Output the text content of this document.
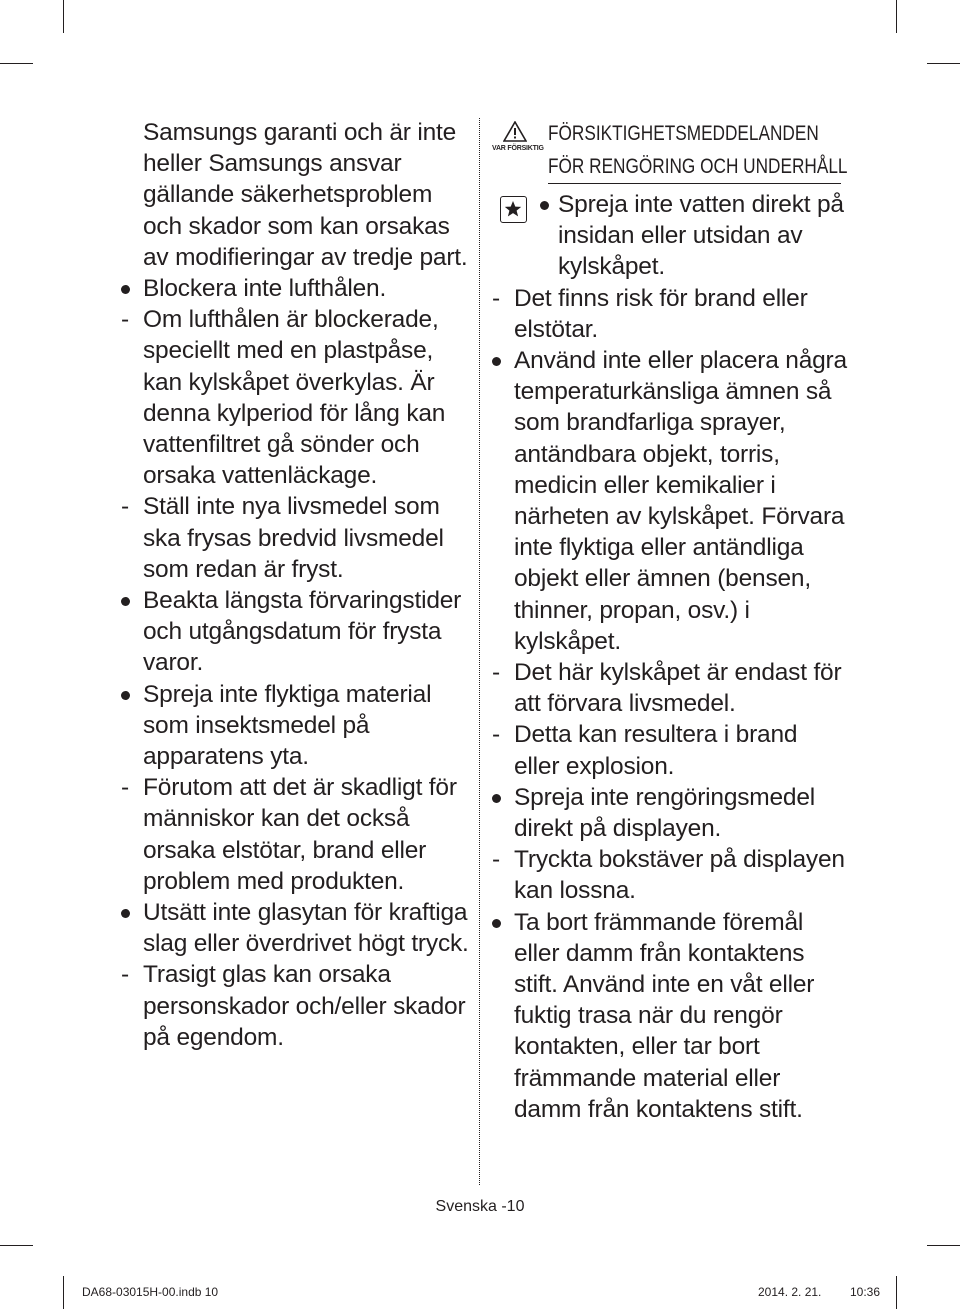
Samsungs garanti och är inte heller Samsungs ansvar gällande säkerhetsproblem och skador som kan orsakas av modifieringar av tredje part.
Blockera inte lufthålen.
Om lufthålen är blockerade, speciellt med en plastpåse, kan kylskåpet överkylas. Är denna kylperiod för lång kan vattenfiltret gå sönder och orsaka vattenläckage.
Ställ inte nya livsmedel som ska frysas bredvid livsmedel som redan är fryst.
Beakta längsta förvaringstider och utgångsdatum för frysta varor.
Spreja inte flyktiga material som insektsmedel på apparatens yta.
Förutom att det är skadligt för människor kan det också orsaka elstötar, brand eller problem med produkten.
Utsätt inte glasytan för kraftiga slag eller överdrivet högt tryck.
Trasigt glas kan orsaka personskador och/eller skador på egendom.
VAR FÖRSIKTIG
FÖRSIKTIGHETSMEDDELANDEN
FÖR RENGÖRING OCH UNDERHÅLL
Spreja inte vatten direkt på insidan eller utsidan av kylskåpet.
Det finns risk för brand eller elstötar.
Använd inte eller placera några temperaturkänsliga ämnen så som brandfarliga sprayer, antändbara objekt, torris, medicin eller kemikalier i närheten av kylskåpet. Förvara inte flyktiga eller antändliga objekt eller ämnen (bensen, thinner, propan, osv.) i kylskåpet.
Det här kylskåpet är endast för att förvara livsmedel.
Detta kan resultera i brand eller explosion.
Spreja inte rengöringsmedel direkt på displayen.
Tryckta bokstäver på displayen kan lossna.
Ta bort främmande föremål eller damm från kontaktens stift. Använd inte en våt eller fuktig trasa när du rengör kontakten, eller tar bort främmande material eller damm från kontaktens stift.
Svenska -10
DA68-03015H-00.indb 10	2014. 2. 21. 10:36
